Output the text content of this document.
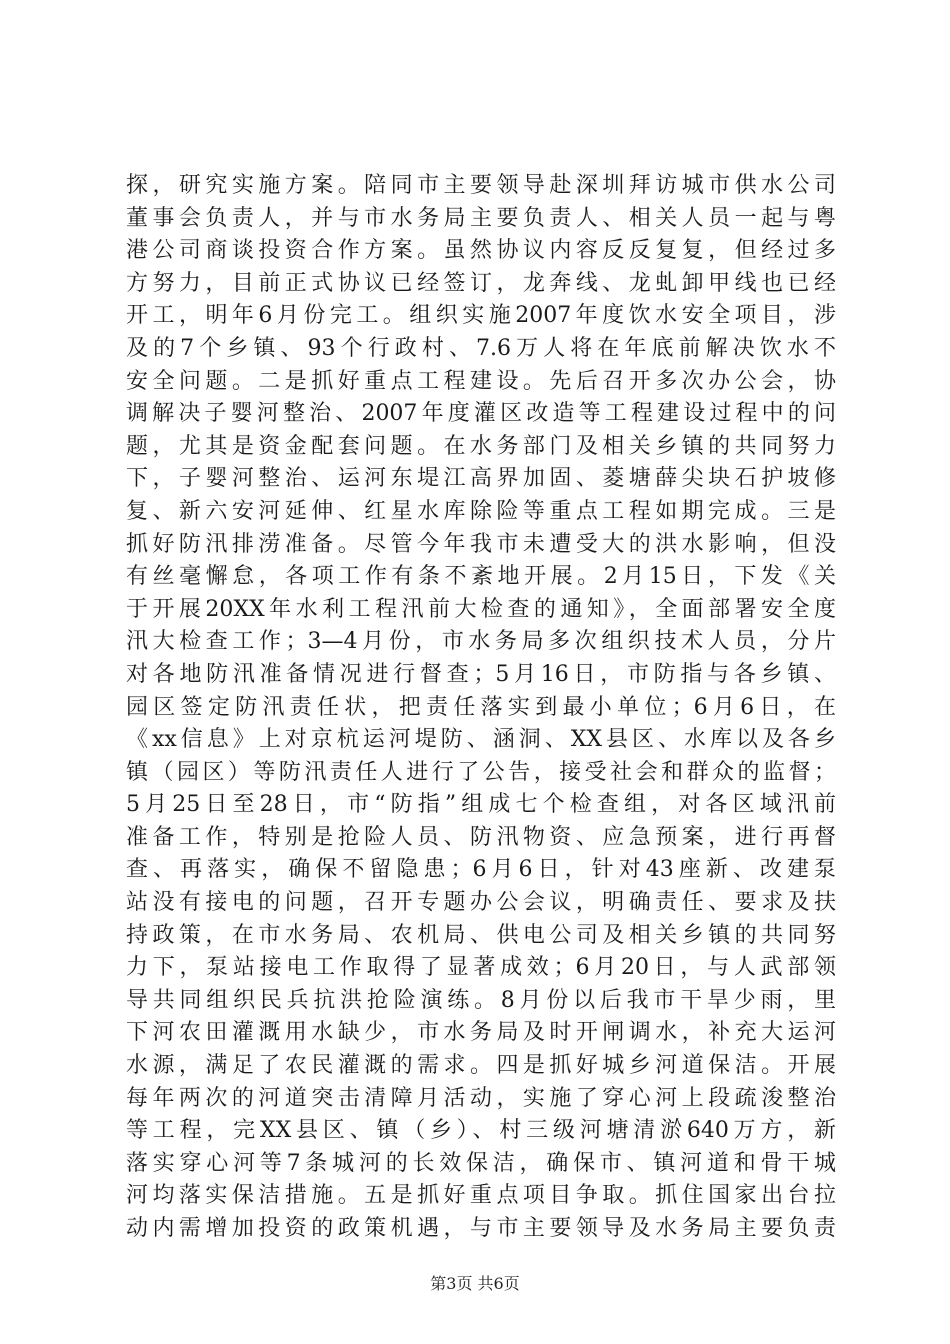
探，研究实施方案。陪同市主要领导赴深圳拜访城市供水公司
董事会负责人，并与市水务局主要负责人、相关人员一起与粤
港公司商谈投资合作方案。虽然协议内容反反复复，但经过多
方努力，目前正式协议已经签订，龙奔线、龙虬卸甲线也已经
开工，明年6月份完工。组织实施2007年度饮水安全项目，涉
及的7个乡镇、93个行政村、7.6万人将在年底前解决饮水不
安全问题。二是抓好重点工程建设。先后召开多次办公会，协
调解决子婴河整治、2007年度灌区改造等工程建设过程中的问
题，尤其是资金配套问题。在水务部门及相关乡镇的共同努力
下，子婴河整治、运河东堤江高界加固、菱塘薛尖块石护坡修
复、新六安河延伸、红星水库除险等重点工程如期完成。三是
抓好防汛排涝准备。尽管今年我市未遭受大的洪水影响，但没
有丝毫懈怠，各项工作有条不紊地开展。2月15日，下发《关
于开展20XX年水利工程汛前大检查的通知》，全面部署安全度
汛大检查工作；3—4月份，市水务局多次组织技术人员，分片
对各地防汛准备情况进行督查；5月16日，市防指与各乡镇、
园区签定防汛责任状，把责任落实到最小单位；6月6日，在
《xx信息》上对京杭运河堤防、涵洞、XX县区、水库以及各乡
镇（园区）等防汛责任人进行了公告，接受社会和群众的监督；
5月25日至28日，市“防指”组成七个检查组，对各区域汛前
准备工作，特别是抢险人员、防汛物资、应急预案，进行再督
查、再落实，确保不留隐患；6月6日，针对43座新、改建泵
站没有接电的问题，召开专题办公会议，明确责任、要求及扶
持政策，在市水务局、农机局、供电公司及相关乡镇的共同努
力下，泵站接电工作取得了显著成效；6月20日，与人武部领
导共同组织民兵抗洪抢险演练。8月份以后我市干旱少雨，里
下河农田灌溉用水缺少，市水务局及时开闸调水，补充大运河
水源，满足了农民灌溉的需求。四是抓好城乡河道保洁。开展
每年两次的河道突击清障月活动，实施了穿心河上段疏浚整治
等工程，完XX县区、镇（乡）、村三级河塘清淤640万方，新
落实穿心河等7条城河的长效保洁，确保市、镇河道和骨干城
河均落实保洁措施。五是抓好重点项目争取。抓住国家出台拉
动内需增加投资的政策机遇，与市主要领导及水务局主要负责
第3页 共6页
